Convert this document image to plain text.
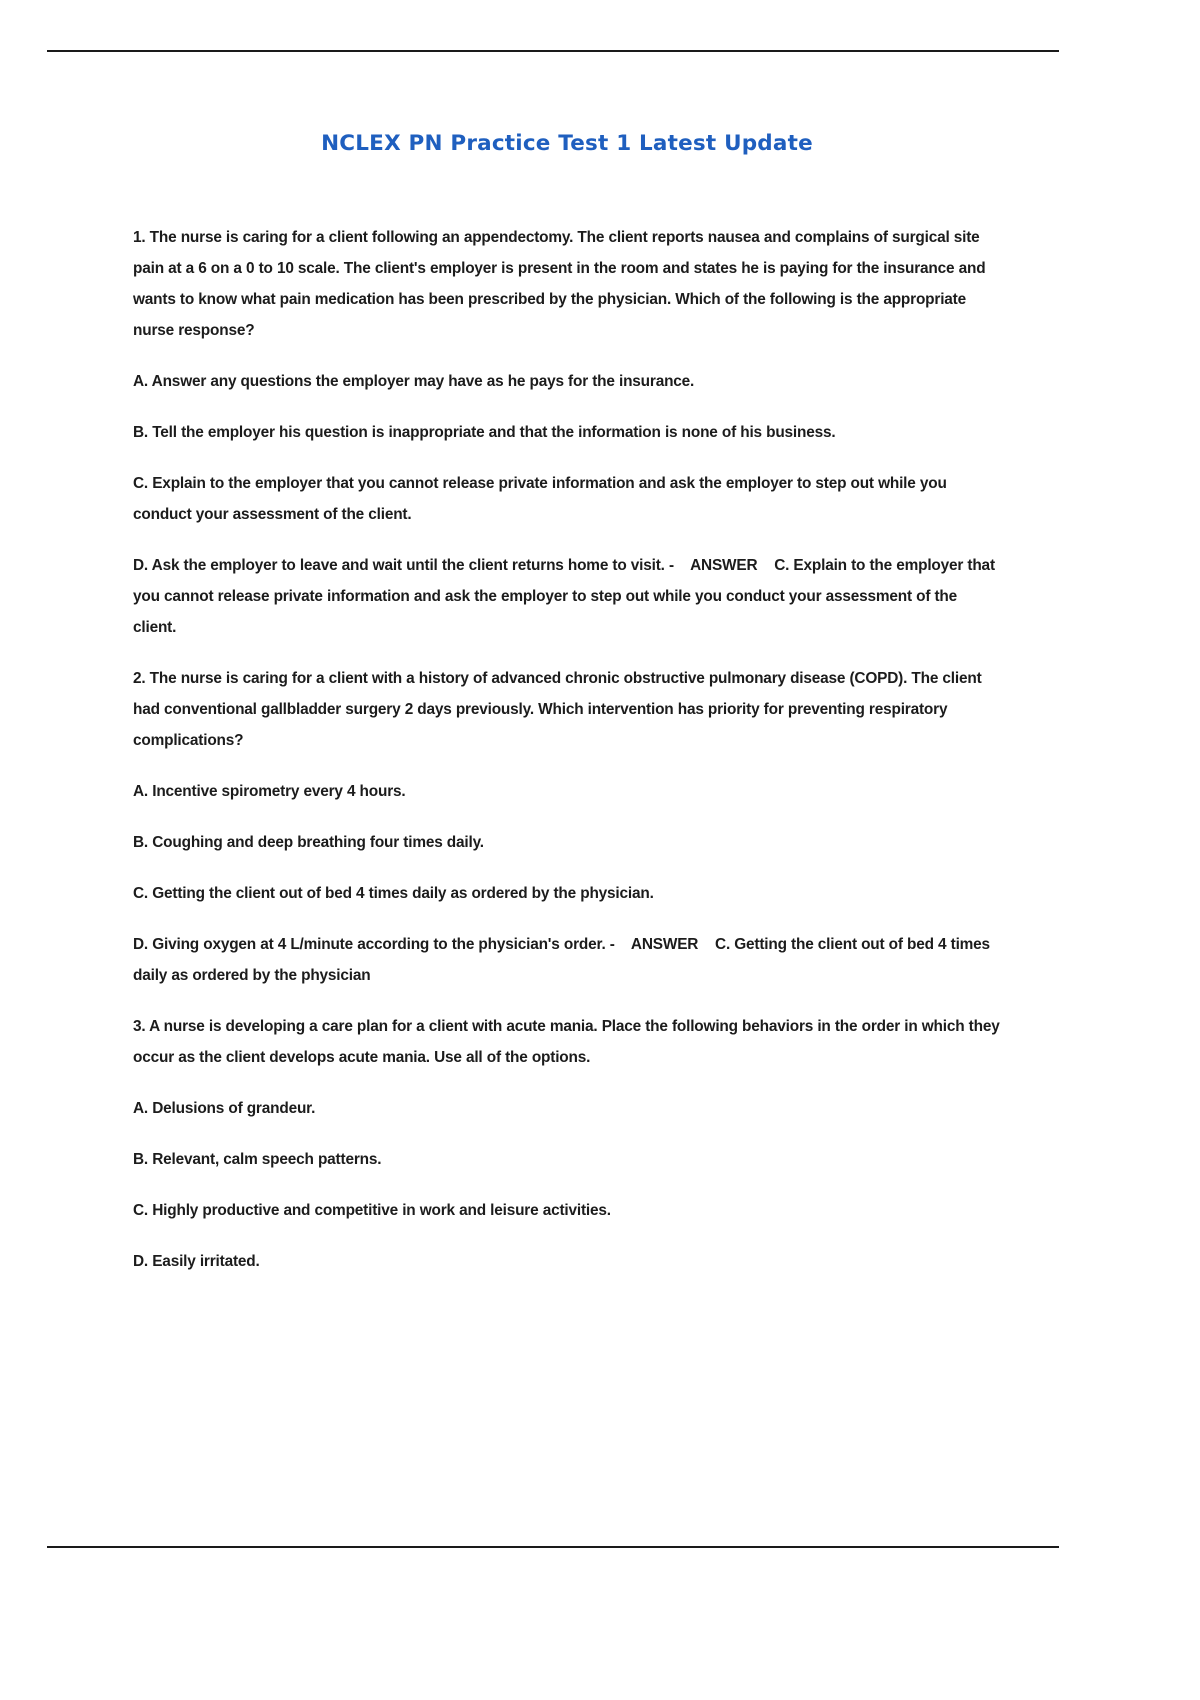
NCLEX PN Practice Test 1 Latest Update

1. The nurse is caring for a client following an appendectomy. The client reports nausea and complains of surgical site pain at a 6 on a 0 to 10 scale. The client's employer is present in the room and states he is paying for the insurance and wants to know what pain medication has been prescribed by the physician. Which of the following is the appropriate nurse response?

A. Answer any questions the employer may have as he pays for the insurance.

B. Tell the employer his question is inappropriate and that the information is none of his business.

C. Explain to the employer that you cannot release private information and ask the employer to step out while you conduct your assessment of the client.

D. Ask the employer to leave and wait until the client returns home to visit. -    ANSWER    C. Explain to the employer that you cannot release private information and ask the employer to step out while you conduct your assessment of the client.

2. The nurse is caring for a client with a history of advanced chronic obstructive pulmonary disease (COPD). The client had conventional gallbladder surgery 2 days previously. Which intervention has priority for preventing respiratory complications?

A. Incentive spirometry every 4 hours.

B. Coughing and deep breathing four times daily.

C. Getting the client out of bed 4 times daily as ordered by the physician.

D. Giving oxygen at 4 L/minute according to the physician's order. -    ANSWER    C. Getting the client out of bed 4 times daily as ordered by the physician

3. A nurse is developing a care plan for a client with acute mania. Place the following behaviors in the order in which they occur as the client develops acute mania. Use all of the options.

A. Delusions of grandeur.

B. Relevant, calm speech patterns.

C. Highly productive and competitive in work and leisure activities.

D. Easily irritated.
